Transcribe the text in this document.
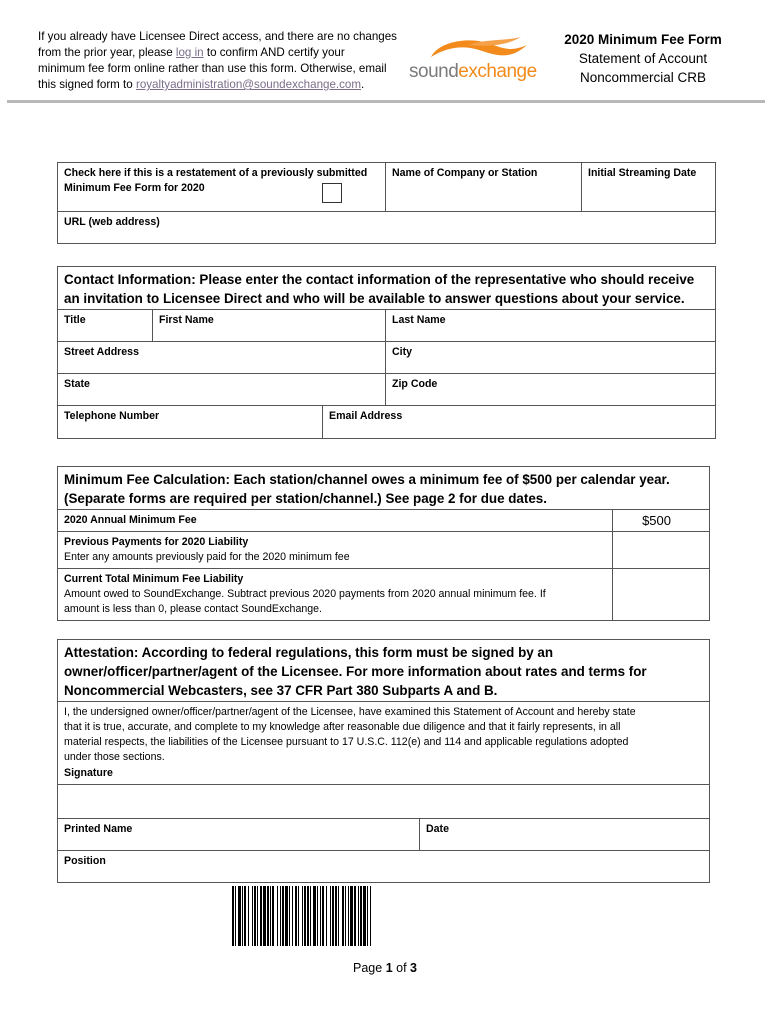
If you already have Licensee Direct access, and there are no changes
from the prior year, please log in to confirm AND certify your
minimum fee form online rather than use this form. Otherwise, email
this signed form to royaltyadministration@soundexchange.com.
soundexchange
2020 Minimum Fee Form
Statement of Account
Noncommercial CRB
Check here if this is a restatement of a previously submitted
Minimum Fee Form for 2020
	Name of Company or Station	Initial Streaming Date
URL (web address)
Contact Information: Please enter the contact information of the representative who should receive
an invitation to Licensee Direct and who will be available to answer questions about your service.			

Title	First Name		Last Name
Street Address			City
State			Zip Code
Telephone Number		Email Address	
Minimum Fee Calculation: Each station/channel owes a minimum fee of $500 per calendar year.
(Separate forms are required per station/channel.) See page 2 for due dates.	

2020 Annual Minimum Fee	$500

Previous Payments for 2020 Liability
Enter any amounts previously paid for the 2020 minimum fee	

Current Total Minimum Fee Liability
Amount owed to SoundExchange. Subtract previous 2020 payments from 2020 annual minimum fee. If
amount is less than 0, please contact SoundExchange.	

Attestation: According to federal regulations, this form must be signed by an
owner/officer/partner/agent of the Licensee. For more information about rates and terms for
Noncommercial Webcasters, see 37 CFR Part 380 Subparts A and B.

I, the undersigned owner/officer/partner/agent of the Licensee, have examined this Statement of Account and hereby state
that it is true, accurate, and complete to my knowledge after reasonable due diligence and that it fairly represents, in all
material respects, the liabilities of the Licensee pursuant to 17 U.S.C. 112(e) and 114 and applicable regulations adopted
under those sections.
Signature

Printed Name	Date
Position
Page 1 of 3
